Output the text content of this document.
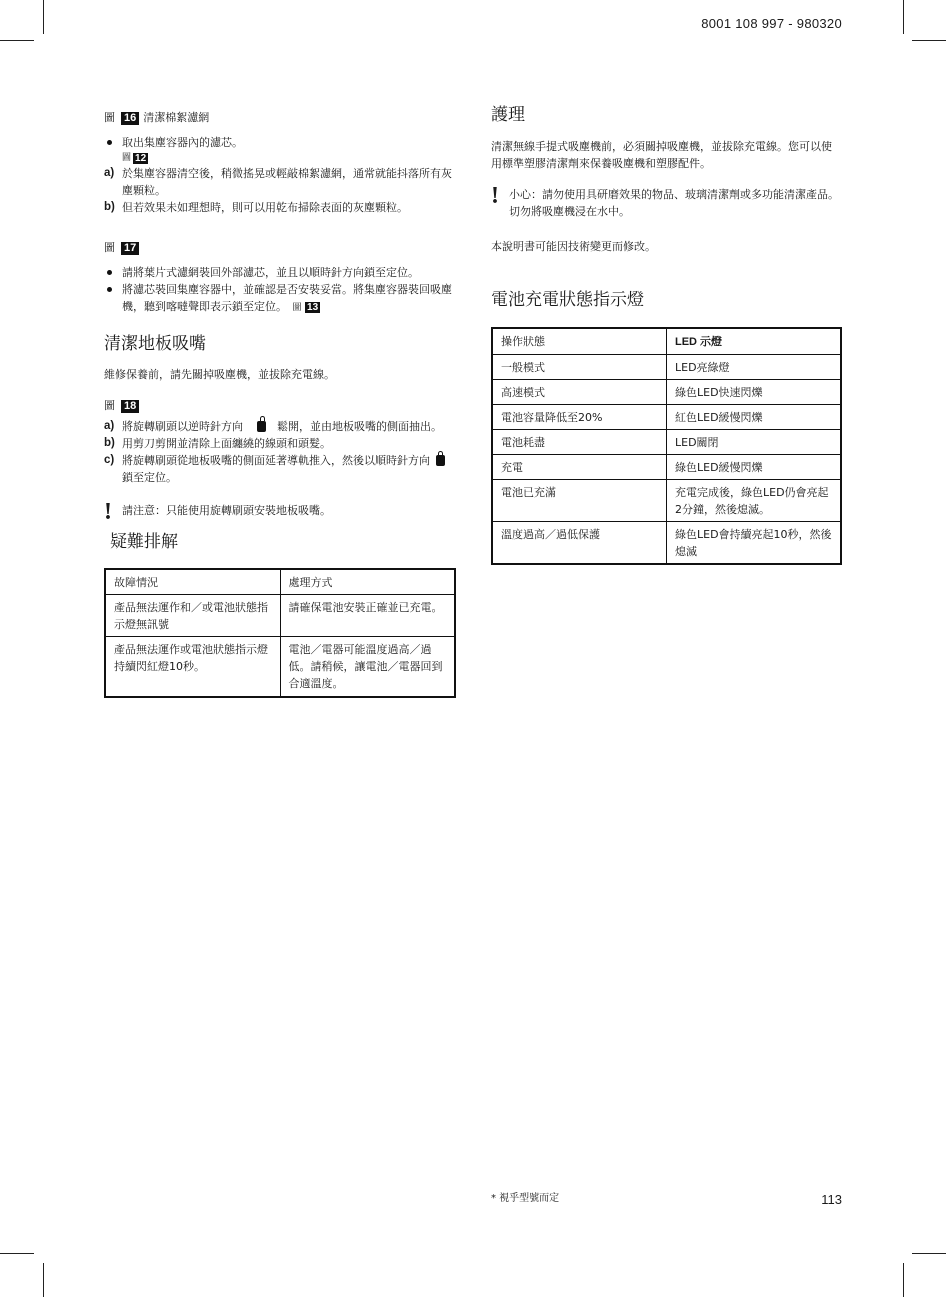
8001 108 997 - 980320
圖 16 清潔棉絮濾網
取出集塵容器內的濾芯。
圖 12
a) 於集塵容器清空後，稍微搖晃或輕敲棉絮濾網，通常就能抖落所有灰塵顆粒。
b) 但若效果未如理想時，則可以用乾布掃除表面的灰塵顆粒。
圖 17
請將葉片式濾網裝回外部濾芯，並且以順時針方向鎖至定位。
將濾芯裝回集塵容器中，並確認是否安裝妥當。將集塵容器裝回吸塵機，聽到喀噠聲即表示鎖至定位。 圖 13
清潔地板吸嘴
維修保養前，請先關掉吸塵機，並拔除充電線。
圖 18
a) 將旋轉刷頭以逆時針方向	鬆開，並由地板吸嘴的側面抽出。
b) 用剪刀剪開並清除上面纏繞的線頭和頭髮。
c) 將旋轉刷頭從地板吸嘴的側面延著導軌推入，然後以順時針方向  鎖至定位。
! 請注意：只能使用旋轉刷頭安裝地板吸嘴。
疑難排解
故障情況	處理方式
產品無法運作和／或電池狀態指示燈無訊號	請確保電池安裝正確並已充電。
產品無法運作或電池狀態指示燈持續閃紅燈10秒。	電池／電器可能溫度過高／過低。請稍候，讓電池／電器回到合適溫度。
護理
清潔無線手提式吸塵機前，必須關掉吸塵機，並拔除充電線。您可以使用標準塑膠清潔劑來保養吸塵機和塑膠配件。
! 小心：請勿使用具研磨效果的物品、玻璃清潔劑或多功能清潔產品。切勿將吸塵機浸在水中。
本說明書可能因技術變更而修改。
電池充電狀態指示燈
操作狀態	LED 示燈
一般模式	LED亮綠燈
高速模式	綠色LED快速閃爍
電池容量降低至20%	紅色LED緩慢閃爍
電池耗盡	LED關閉
充電	綠色LED緩慢閃爍
電池已充滿	充電完成後，綠色LED仍會亮起2分鐘，然後熄滅。
溫度過高／過低保護	綠色LED會持續亮起10秒，然後熄滅
* 視乎型號而定	113
